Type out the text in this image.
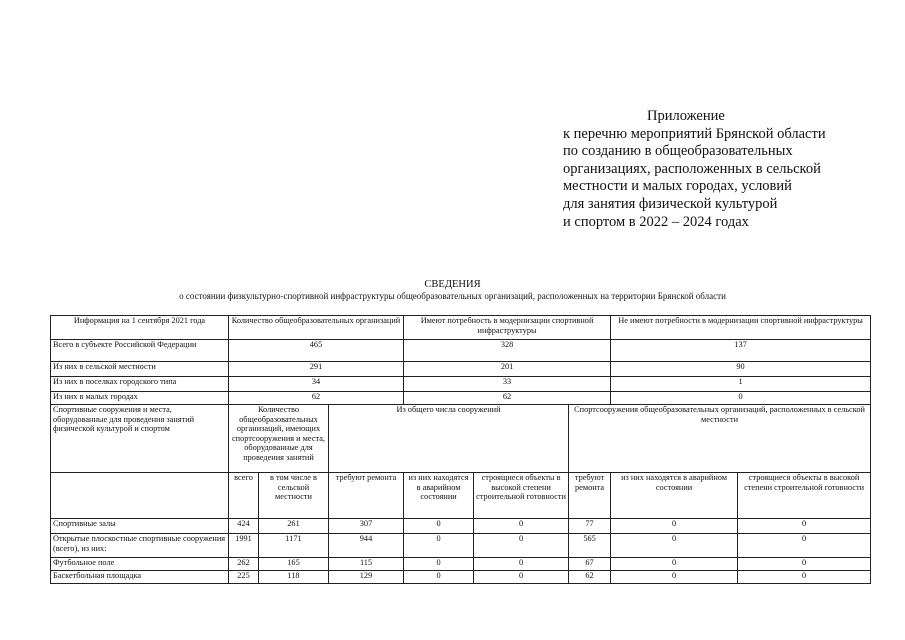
Приложение
к перечню мероприятий Брянской области
по созданию в общеобразовательных
организациях, расположенных в сельской
местности и малых городах, условий
для занятия физической культурой
и спортом в 2022 – 2024 годах
СВЕДЕНИЯ
о состоянии физкультурно-спортивной инфраструктуры общеобразовательных организаций, расположенных на территории Брянской области
Информация на 1 сентября 2021 года	Количество общеобразовательных организаций			Имеют потребность в модернизации спортивной инфраструктуры			Не имеют потребности в модернизации спортивной инфраструктуры	
Всего в субъекте Российской Федерации	465			328			137	
Из них в сельской местности	291			201			90	
Из них в поселках городского типа	34			33			1	
Из них в малых городах	62			62			0	
Спортивные сооружения и места, оборудованные для проведения занятий физической культурой и спортом	Количество общеобразовательных организаций, имеющих спортсооружения и места, оборудованные для проведения занятий		Из общего числа сооружений			Спортсооружения общеобразовательных организаций, расположенных в сельской местности		
	всего	в том числе в сельской местности	требуют ремонта	из них находятся в аварийном состоянии	строящиеся объекты в высокой степени строительной готовности	требуют ремонта	из них находятся в аварийном состоянии	строящиеся объекты в высокой степени строительной готовности
Спортивные залы	424	261	307	0	0	77	0	0
Открытые плоскостные спортивные сооружения (всего), из них:	1991	1171	944	0	0	565	0	0
Футбольное поле	262	165	115	0	0	67	0	0
Баскетбольная площадка	225	118	129	0	0	62	0	0
